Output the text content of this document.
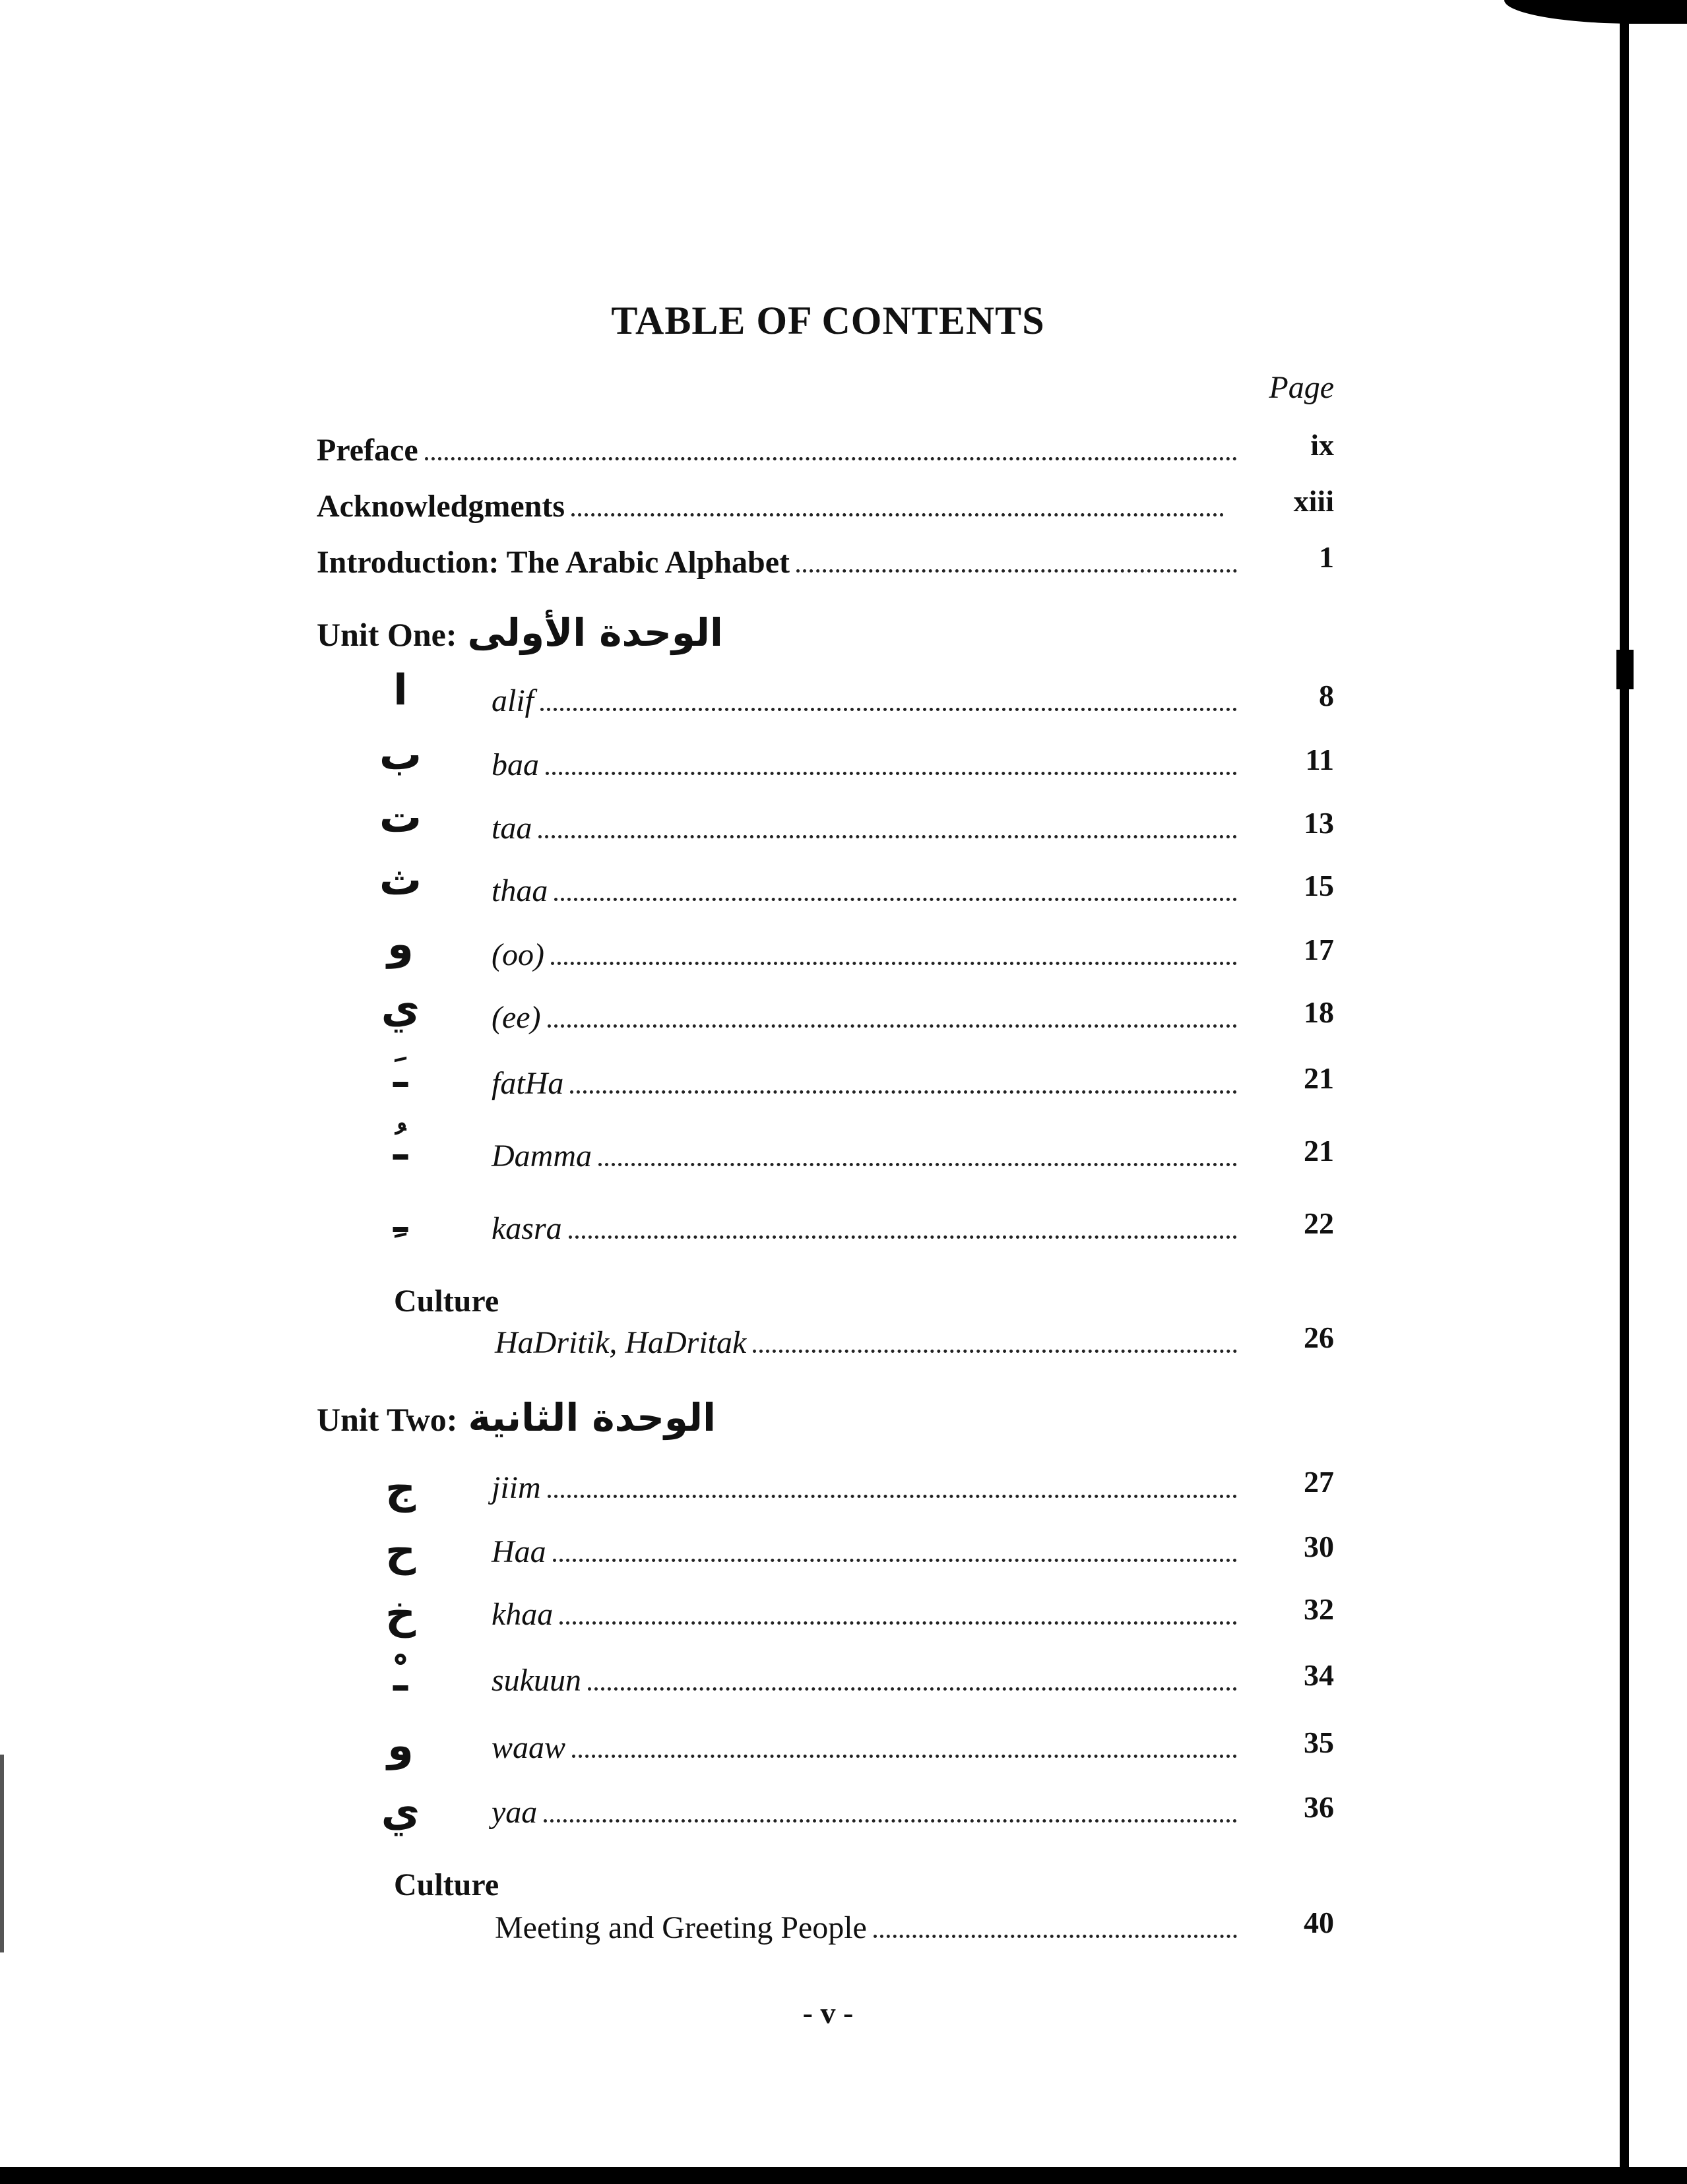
TABLE OF CONTENTS
Page
Preface	ix
Acknowledgments	xiii
Introduction: The Arabic Alphabet	1
Unit One: الوحدة الأولى
ا	alif	8
ب	baa	11
ت	taa	13
ث	thaa	15
و	(oo)	17
ي	(ee)	18
ـَ	fatHa	21
ـُ	Damma	21
ـِ	kasra	22
Culture
HaDritik, HaDritak	26
Unit Two: الوحدة الثانية
ج	jiim	27
ح	Haa	30
خ	khaa	32
ـْ	sukuun	34
و	waaw	35
ي	yaa	36
Culture
Meeting and Greeting People	40
- v -
